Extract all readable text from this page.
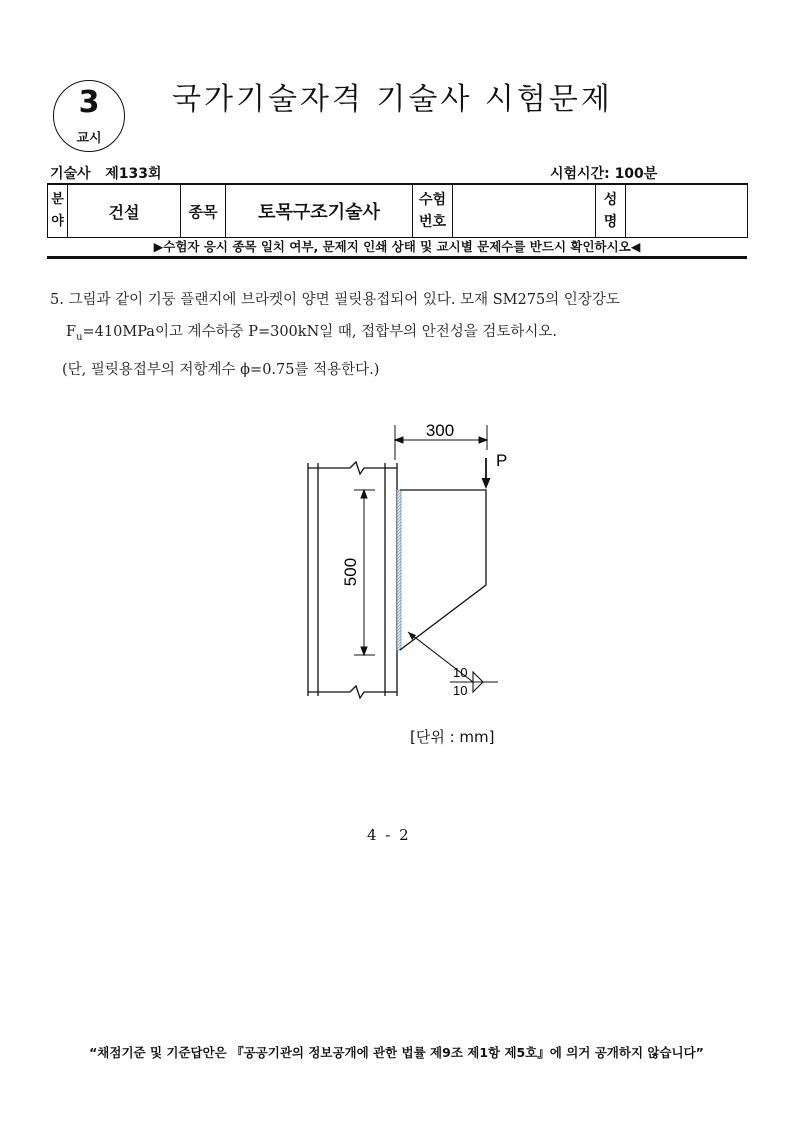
3
교시
국가기술자격 기술사 시험문제
기술사   제133회	시험시간: 100분
분야	건설	종목	토목구조기술사	수험번호		성명	
▶수험자 응시 종목 일치 여부, 문제지 인쇄 상태 및 교시별 문제수를 반드시 확인하시오◀
5. 그림과 같이 기둥 플랜지에 브라켓이 양면 필릿용접되어 있다. 모재 SM275의 인장강도
$F_u=410MPa$이고 계수하중 P=300kN일 때, 접합부의 안전성을 검토하시오.
(단, 필릿용접부의 저항계수 ϕ=0.75를 적용한다.)
300
P
500
10
10
[단위 : mm]
4 - 2
“채점기준 및 기준답안은 『공공기관의 정보공개에 관한 법률 제9조 제1항 제5호』에 의거 공개하지 않습니다”
